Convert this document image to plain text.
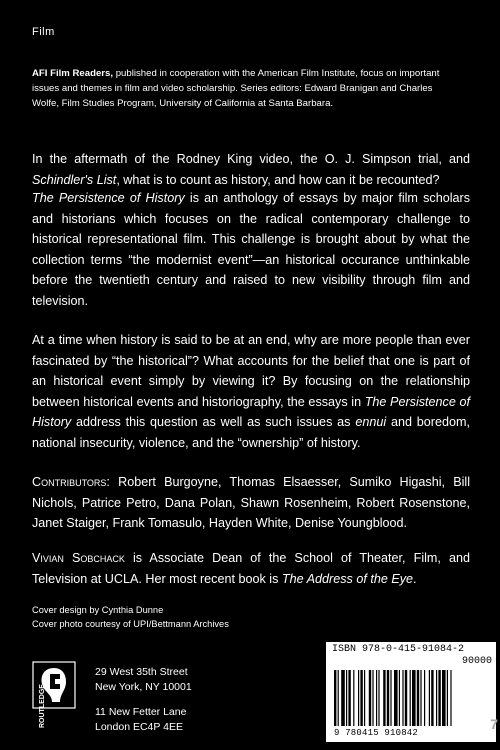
Film
AFI Film Readers, published in cooperation with the American Film Institute, focus on important issues and themes in film and video scholarship. Series editors: Edward Branigan and Charles Wolfe, Film Studies Program, University of California at Santa Barbara.
In the aftermath of the Rodney King video, the O. J. Simpson trial, and Schindler's List, what is to count as history, and how can it be recounted?
The Persistence of History is an anthology of essays by major film scholars and historians which focuses on the radical contemporary challenge to historical representational film. This challenge is brought about by what the collection terms “the modernist event”—an historical occurance unthinkable before the twentieth century and raised to new visibility through film and television.
At a time when history is said to be at an end, why are more people than ever fascinated by “the historical”? What accounts for the belief that one is part of an historical event simply by viewing it? By focusing on the relationship between historical events and historiography, the essays in The Persistence of History address this question as well as such issues as ennui and boredom, national insecurity, violence, and the “ownership” of history.
Contributors: Robert Burgoyne, Thomas Elsaesser, Sumiko Higashi, Bill Nichols, Patrice Petro, Dana Polan, Shawn Rosenheim, Robert Rosenstone, Janet Staiger, Frank Tomasulo, Hayden White, Denise Youngblood.
Vivian Sobchack is Associate Dean of the School of Theater, Film, and Television at UCLA. Her most recent book is The Address of the Eye.
Cover design by Cynthia Dunne
Cover photo courtesy of UPI/Bettmann Archives
ROUTLEDGE
29 West 35th Street
New York, NY 10001
11 New Fetter Lane
London EC4P 4EE
ISBN 978-0-415-91084-2
90000
9 780415 910842
7
